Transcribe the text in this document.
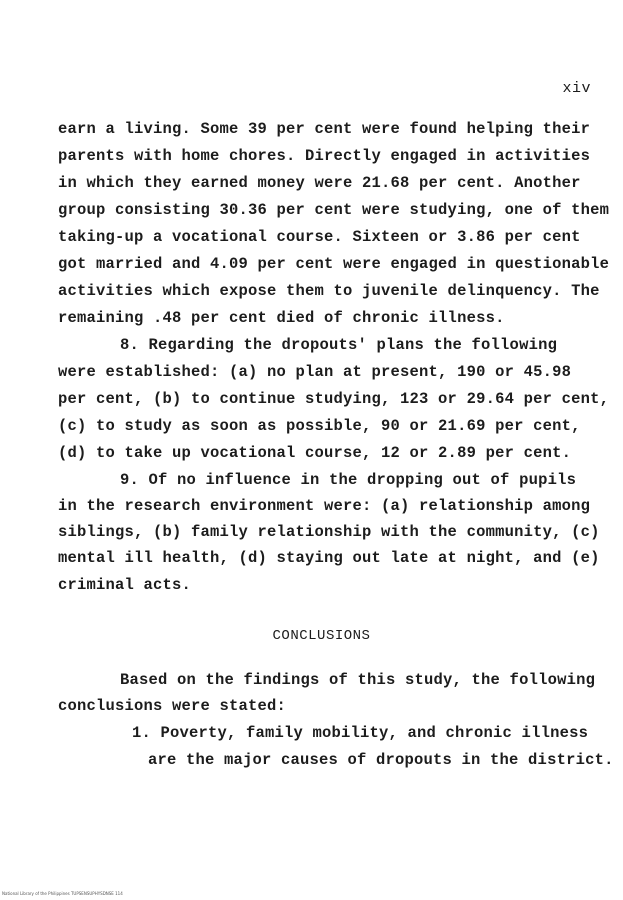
xiv
earn a living. Some 39 per cent were found helping their
parents with home chores. Directly engaged in activities
in which they earned money were 21.68 per cent. Another
group consisting 30.36 per cent were studying, one of them
taking-up a vocational course. Sixteen or 3.86 per cent
got married and 4.09 per cent were engaged in questionable
activities which expose them to juvenile delinquency. The
remaining .48 per cent died of chronic illness.
8. Regarding the dropouts' plans the following
were established: (a) no plan at present, 190 or 45.98
per cent, (b) to continue studying, 123 or 29.64 per cent,
(c) to study as soon as possible, 90 or 21.69 per cent,
(d) to take up vocational course, 12 or 2.89 per cent.
9. Of no influence in the dropping out of pupils
in the research environment were: (a) relationship among
siblings, (b) family relationship with the community, (c)
mental ill health, (d) staying out late at night, and (e)
criminal acts.
CONCLUSIONS
Based on the findings of this study, the following
conclusions were stated:
1. Poverty, family mobility, and chronic illness
are the major causes of dropouts in the district.
National Library of the Philippines TUPSENSUPHYSDNSE 114
